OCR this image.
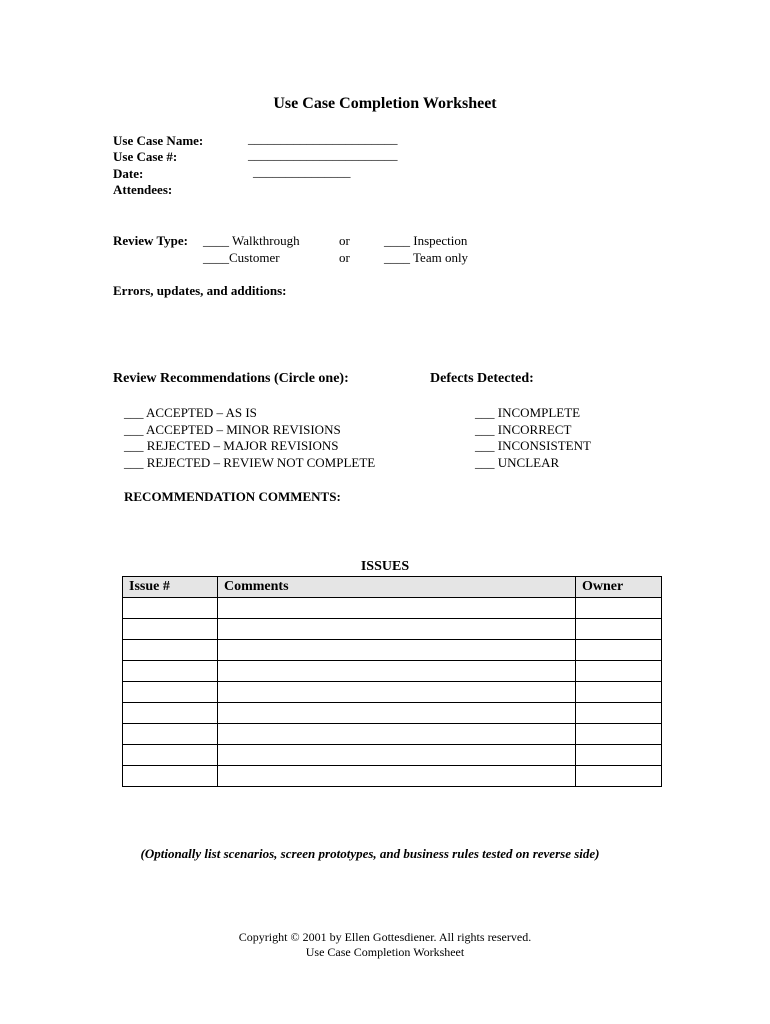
Use Case Completion Worksheet
Use Case Name:	_______________________
Use Case #:	_______________________
Date:	_______________
Attendees:
Review Type: ____ Walkthrough	or	____ Inspection
____Customer	or	____ Team only
Errors, updates, and additions:
Review Recommendations (Circle one):	Defects Detected:
___ ACCEPTED – AS IS
___ ACCEPTED – MINOR REVISIONS
___ REJECTED – MAJOR REVISIONS
___ REJECTED – REVIEW NOT COMPLETE
___ INCOMPLETE
___ INCORRECT
___ INCONSISTENT
___ UNCLEAR
RECOMMENDATION COMMENTS:
ISSUES
Issue #	Comments	Owner

(Optionally list scenarios, screen prototypes, and business rules tested on reverse side)
Copyright © 2001 by Ellen Gottesdiener. All rights reserved.
Use Case Completion Worksheet
